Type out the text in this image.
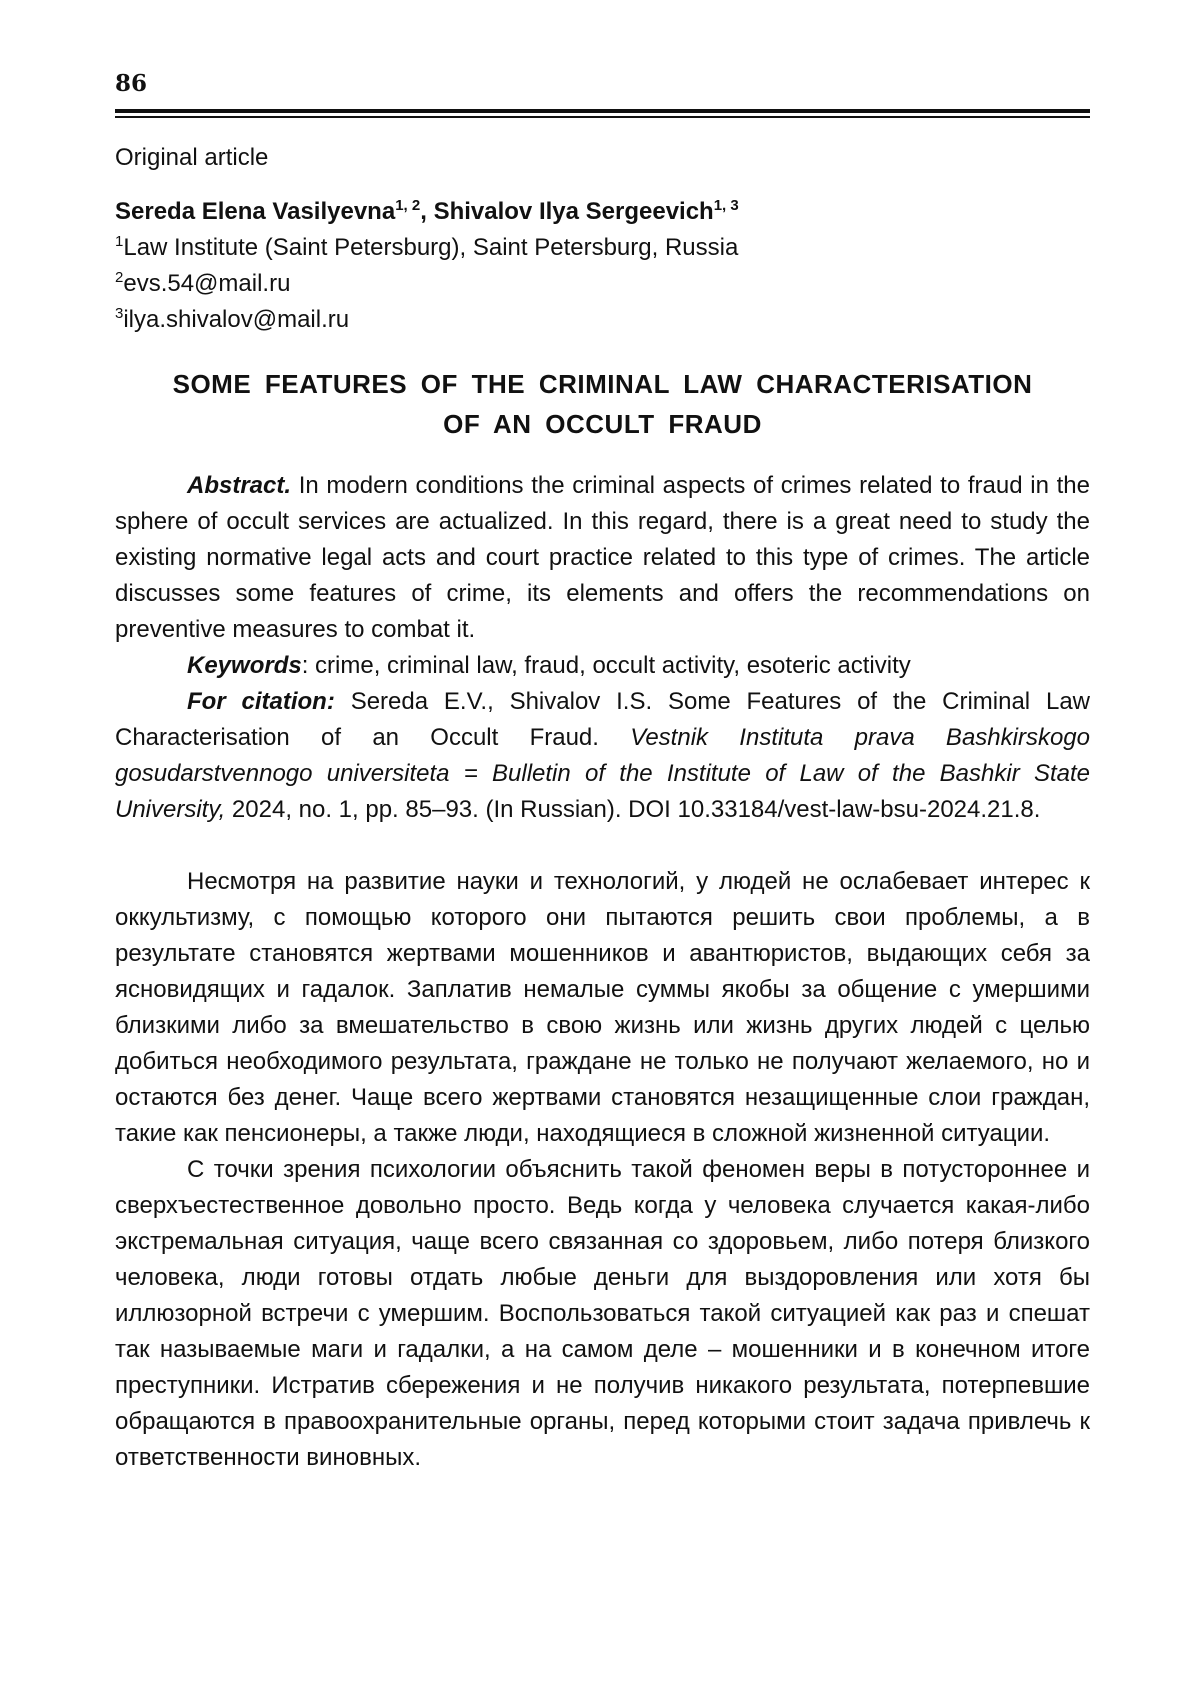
86

Original article

Sereda Elena Vasilyevna$^{1, 2}$, Shivalov Ilya Sergeevich$^{1, 3}$

$^1$Law Institute (Saint Petersburg), Saint Petersburg, Russia

$^2$evs.54@mail.ru

$^3$ilya.shivalov@mail.ru

SOME FEATURES OF THE CRIMINAL LAW CHARACTERISATION
OF AN OCCULT FRAUD

Abstract. In modern conditions the criminal aspects of crimes related to fraud in the sphere of occult services are actualized. In this regard, there is a great need to study the existing normative legal acts and court practice related to this type of crimes. The article discusses some features of crime, its elements and offers the recommendations on preventive measures to combat it.

Keywords: crime, criminal law, fraud, occult activity, esoteric activity

For citation: Sereda E.V., Shivalov I.S. Some Features of the Criminal Law Characterisation of an Occult Fraud. Vestnik Instituta prava Bashkirskogo gosudarstvennogo universiteta = Bulletin of the Institute of Law of the Bashkir State University, 2024, no. 1, pp. 85–93. (In Russian). DOI 10.33184/vest-law-bsu-2024.21.8.

Несмотря на развитие науки и технологий, у людей не ослабевает интерес к оккультизму, с помощью которого они пытаются решить свои проблемы, а в результате становятся жертвами мошенников и авантюристов, выдающих себя за ясновидящих и гадалок. Заплатив немалые суммы якобы за общение с умершими близкими либо за вмешательство в свою жизнь или жизнь других людей с целью добиться необходимого результата, граждане не только не получают желаемого, но и остаются без денег. Чаще всего жертвами становятся незащищенные слои граждан, такие как пенсионеры, а также люди, находящиеся в сложной жизненной ситуации.

С точки зрения психологии объяснить такой феномен веры в потустороннее и сверхъестественное довольно просто. Ведь когда у человека случается какая-либо экстремальная ситуация, чаще всего связанная со здоровьем, либо потеря близкого человека, люди готовы отдать любые деньги для выздоровления или хотя бы иллюзорной встречи с умершим. Воспользоваться такой ситуацией как раз и спешат так называемые маги и гадалки, а на самом деле – мошенники и в конечном итоге преступники. Истратив сбережения и не получив никакого результата, потерпевшие обращаются в правоохранительные органы, перед которыми стоит задача привлечь к ответственности виновных.
